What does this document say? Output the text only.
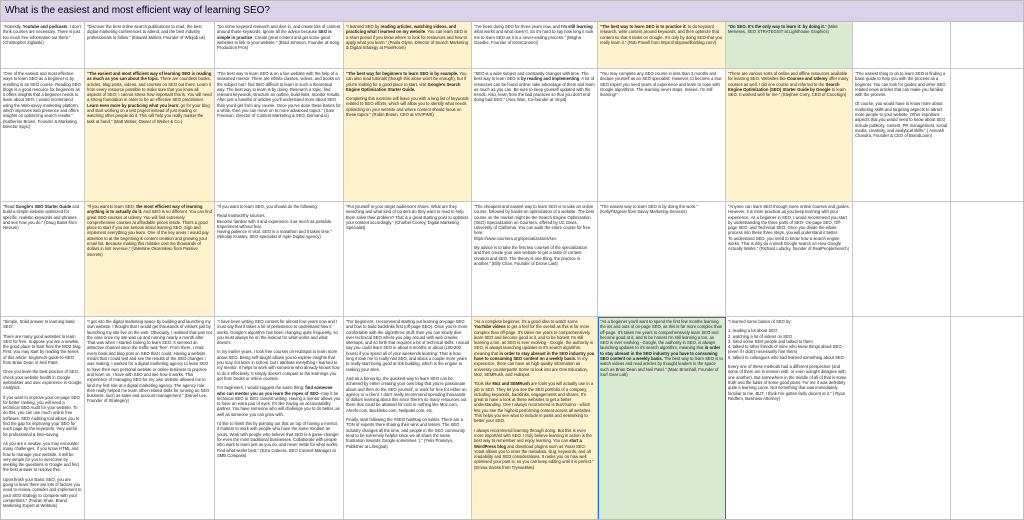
What is the easiest and most efficient way of learning SEO?

"Honestly, Youtube and podcasts. I don't think courses are necessary. There is just too much free information out there." (Christopher Zigliaski)

"Discover the best online search publications to read, the best digital marketing conferences to attend, and the best industry professionals to follow." (Edward Mellett, Founder of Wikijob.uk)

"Do some keyword research and dive in, and create lots of content around those keywords. Ignore all the advice because SEO is simple in practice. Create great content and get some good websites to link to your website." (Brad Johnson, Founder at Song Production Pros)

"I learned SEO by reading articles, watching videos, and practicing what I learned on my website. You can learn SEO in a short period if you know where to look for resources and how to apply what you learn." (Paula Glynn, Director of Search Marketing & Digital Strategy at PixelRoom)

"I've been doing SEO for three years now, and I'm still learning what works and what doesn't. So it's hard to say how long it took me to learn SEO as it is a never-ending process." (Megha Gaedke, Founder of KetoConnect)

"The best way to learn SEO is to practice it: to do keyword research, write content around keywords, and then optimize that content so that it ranks on Google. It's only by doing SEO that you really learn it." (Rob Powell from https://robpowellbizblog.com/)

"Do SEO. It's the only way to learn it: by doing it." (Mike Meneses, SEO STRATEGIST at Lighthouse Graphics)

"One of the easiest and most effective ways to learn SEO as a beginner is by enrolling in an SEO course. Reading SEO blogs is a good resource for beginners as it offers insights that a beginner needs to learn about SEO. I would recommend using the Web-savvy marketing platform, which improves web presence and offers insights on optimizing search results." (Katherine Brown, Founder & Marketing Director Spyic)

"The easiest and most efficient way of learning SEO is reading as much as you can about the topic. There are countless books, articles, blog posts, videos, and courses on SEO out there. Learn it from every resource possible to make sure that you know all aspects of SEO; I cannot stress how important this is. You will need a strong foundation in order to be an effective SEO practitioner. Learn even more by practicing what you learn: go for your blog and start working on a test project instead of just reading or watching other people do it. This will help you really master the task at hand." (Matt Weber, Owner of Weber & Co.)

"The best way to learn SEO is on a live website with the help of a seasoned mentor. There are infinite classes, videos, and books on the subject but I find SEO difficult to learn in such a theoretical way. The best way to learn is by doing. Research a topic, find relevant keywords, structure an outline, build links, monitor results. After just a handful of articles you'll understand more about SEO than you'd get from any course. Once you've done these basics for a while, then you can move on to more advanced topics." (Sam Freeman, Director of Content Marketing & SEO, Demand.io)

"The best way for beginners to learn SEO is by example. You can also read tutorials (though this alone won't be enough), but if you're looking for a good place to start, visit Google's Search Engine Optimization Starter Guide.

Completing this exercise will leave you with a long list of keywords related to SEO efforts, which will allow you to identify what needs optimizing on your website and where content should focus on these topics." (Robin Brown, CEO at VIVIPINS)

"SEO is a wide subject and constantly changes with time. The best way to learn SEO is by reading and implementing. A lot of resources can be found online, take advantage of them and learn as much as you can. Be sure to keep yourself updated with the trends. Also, learn from the bad practices so that you don't end doing bad SEO." (Alex Wan, Co-founder at Vinpit)

"You may complete any SEO course in less than 3 months and declare yourself as an SEO specialist. However, to become a true SEO expert you need years of experience and learn to cope with Google algorithms. The learning never stops. Indeed, I'm still learning!"

"There are various sorts of online and offline resources available for learning SEO. Websites like Courses and Udemy offer many courses as well. I did one course and referred to the Search Engine Optimization (SEO) Starter Guide by Google to learn SEO. It worked well for me." (Stephen Curry, CEO of CocoSign)

"The easiest thing to do to learn SEO is finding a basic guide to help you with the process as a beginner. You can look for guides and other SEO related news articles that can make you familiar with the process.

Of course, you would have to know more about marketing skills and targeting aspects to attract more people to your website. Other important aspects that you would need to know about SEO include publicity, content, PR management, social media, creativity, and analytical skills." ( Avinash Chandra, Founder & CEO of BrandLoom)

"Read Google's SEO Starter Guide and build a simple website optimized for specific, realistic keywords and phrases and see how you do." (Doug Banis from Nevium)

"If you want to learn SEO, the most efficient way of learning anything is to actually do it. And SEO is no different. You can find great SEO courses at Udemy. You will find extremely comprehensive courses at affordable prices inside. That's a good place to start if you are serious about learning SEO. Sign and implement everything you learn. One of the key areas I would pay attention to at the beginning is content creation and growing your email list. Because making this mistake cost me thousands of dollars in lost revenue." (Valentine Okoronkwo from Passive Secrets)

"If you want to learn SEO, you should do the following:

Read trustworthy sources.
Become familiar with it and experience it as much as possible.
Experiment without fear.
Having patience is vital. SEO is a marathon and it takes time." (Nikolay Krastev, SEO specialist of Agile Digital Agency)

"Put yourself in your target audience's shoes. What are they searching and what kind of content do they want to read to help them solve their problem? That is a great starting point to optimize your content accordingly." (Charbel Coorey, Digital Marketing Specialist)

"The cheapest and easiest way to learn SEO is to take an online course, followed by hands-on optimization of a website. The best course on the market might be the Search Engine Optimization (SEO) Specialization on Coursera, offered by UC Davis, University of California. You can audit the entire course for free here:
https://www.coursera.org/specializations/seo

My advice is to take the first two courses of the specialization and then create your own website to get a taste of content creation and SEO. The theory is one thing, the practice is another." (Billy Chan, Founder of Drone Last)

"The easiest way to learn SEO is by doing the work." (KellyFitzgeral from Savvy Marketing Services)

"Anyone can learn SEO through some online courses and guides. However, it is more practical as you keep learning with your experience. As a beginner in SEO, I would recommend you start by understanding the three parts of SEO- On-page SEO, Off-page SEO, and Technical SEO. Once you divide the whole process into these three steps, you will understand it better.
To understand SEO, you need to know how a search engine works. That is why do a small Google search on How Google Actually Works." (Richard Lubicky, founder of RealPeopleSearch)

"Simple, Solid answer to learning basic SEO:

There are many good websites to learn SEO for free. Suppose you are a newbie, the good place to start from the MOZ blog. First, you may start by reading the series of this article: beginners-guide-to-SEO from Brian Dean or Neil Patel.

Once you learn the best practice of SEO, check your website health in Google webmaster and user experience in Google Analytics.

If you want to improve your on-page SEO for better ranking, you will need a technical SEO Audit for your website. To do this, you can use much online free software. SEO Auditing tool allows you to find the gap for improving your SEO for each page by the keywords. Very useful for professional & time-saving.

As you are a newbie, you may encounter many challenges. If you know HTML and how to manage your website, it will be very simple for you to overcome by seeking the questions in Google and find the best answer to resolve this.

Upon finish your Basic SEO, you are going to learn there are lots of factors you need to review, consider and implement to your SEO strategy to compete with your competitors." (Faizan Khan, Brand Marketing Expert at Webtute)

"I got into the digital marketing space by building and launching my own website. I thought that I would get thousands of visitors just by launching my site live on the web. Obviously, I realised that was not the case once my site was up and running nearly a month after. That was when I started looking to learn SEO. It seemed an attractive channel since the traffic was 'free'. From there, I read every book and blog post on SEO that I could. Having a website meant that I could test and see the results of the SEO changes I was making. I worked for a digital marketing agency to learn SEO to have their own personal website or online business to practice and learn on. I have with SEO and see how it works. This experience of managing SEO for my own website allowed me to land my first role at a digital marketing agency. The agency role then really helped me learn other related skills for running an SEO business, such as sales and account management." (Daniel Lee, Founder of Strategery)

"I have been writing SEO content for almost four years now and I must say that it takes a lot of persistence to understand how it works. Google's algorithm has been changing quite frequently, so you must always be on the lookout for what works and what doesn't.

In my earlier years, I took free courses on HubSpot to learn more about SEO. Being self-taught allows you to explore insights that you may not learn in school, but I attribute everything I learned to my mentor. It helps to work with someone who already knows how to do it effectively. It simply doesn't compare to the learnings you get from books or online courses.

For beginners, I would suggest the same thing: find someone who can mentor you as you learn the ropes of SEO--may it be technical SEO or SEO content writing. Having a mentor allows you to have an extra pair of eyes. It's like having an accountability partner. You have someone who will challenge you to do better, as well as someone you can grow with.

I'd like to finish this by pointing out that on top of having a mentor, it matters to work with people who have the same mindset as yours. Work with people who believe that SEO is a game-changer for even the most traditional businesses. Collaborate with people who want to learn just as you do, and never settle for what works. Find what works best." (Ezra Cabrera, SEO Content Manager at SMB Compass)

"For beginners, I recommend starting out learning on-page SEO and how to build backlinks first (off-page SEO). Once you're more comfortable with the algorithmic stuff, then you can slowly dive over technical SEO where you play around with web crawler, sitemaps, and so forth that requires a bit of technical skills. I would say you could learn SEO in about 6 months or about (100-200 hours) if you spend all of your weekends learning. That is how long it took me to really nail SEO, and about a couple more years to really start being good at link building, which is the engine to ranking your sites.

And as a bonus tip, the quickest way to learn SEO can be achieved by either creating your own blog that you're passionate about and then do the SEO yourself, or work for free for either an agency or a client. I don't really recommend spending thousands of dollars learning about this since there's so many resources out there that could be attained for cost to nothing like Moz.com, Ahrefs.com, Backlinko.com, Neilpatel.com, etc.

Finally, start following the #SEO hashtag on twitter. There are a TON of experts there sharing their wins and losses. The SEO industry changes all the time, and people in the SEO community tend to be extremely helpful since we all share the same frustration towards Google sometimes :)." (Felix Prasetyo, Publisher at Lifengoal)

"As a complete beginner, it's a good idea to watch some YouTube videos to get a feel for the overall as this is far more complex than off-page. It's taken me years to comprehensively learn SEO and become good at it, and to be honest I'm still learning a ton, as SEO is ever evolving - Google, the authority in SEO, is always launching updates to it's search algorithm, meaning that in order to stay abreast in the SEO industry you have to consuming SEO content on a weekly basis. In my experience, there can have as high-quality information as university counterparts! Some to look into are One Education, Moz, SEMRush, and Hubspot.

Tools like Moz and SEMRush are tools you will actually use in a job in SEO. They let you see the SEO portfolio of a company, including keywords, backlinks, engagements and shares. It's great to have a look at these websites to get a better understanding. One I always recommend is BuzzSumo - which lets you see the highest performing content across all websites. This helps you see what to include in posts and networking to better your SEO.

I always recommend learning through doing. But this is even more important with SEO. I truly believe learning in action is the best way to remember and enjoy learning. You can start a WordPress blog and download plugins such as Yoast SEO. Yoast allows you to enter the metadata, slug, keywords, and all readability and SEO considerations. It ranks you on how well optimised your post is, so you can keep editing until it is perfect." (Emma Sivess from TryHackMe)

"As a beginner you'll want to spend the first few months learning the ins and outs of on-page SEO, as this is far more complex than off-page. It's taken me years to comprehensively learn SEO and become good at it, and to be honest I'm still learning a ton, as SEO is ever evolving - Google, the authority in SEO, is always launching updates to it's search algorithm, meaning that in order to stay abreast in the SEO industry you have to consuming SEO content on a weekly basis. The best way to learn SEO is to watch videos and read articles by thought leaders in the space such as Brian Dean and Neil Patel." (Marc Bromhall, Founder of Surf Gear Lab)

"I learned some basics of SEO by:

1. reading a lot about SEO
2. watching a lot of videos on SEO
3. hired some SEO people and talked to them
4. talked to other friends of mine who knew things about SEO (even if I didn't necessarily hire them)
5. talked to colleagues who had learned something about SEO

Every one of these methods had a different perspective (and some of them are in tension with, or even outright disagree with, one another). But somewhere in the middle of all of that is some truth and the basis of some good plans. For me it was definitely quite a learning curve. Not something that was immediately familiar to me, BUT, I think I've gotten fairly decent at it." ( Ryan Redfern, Business Attorney)
